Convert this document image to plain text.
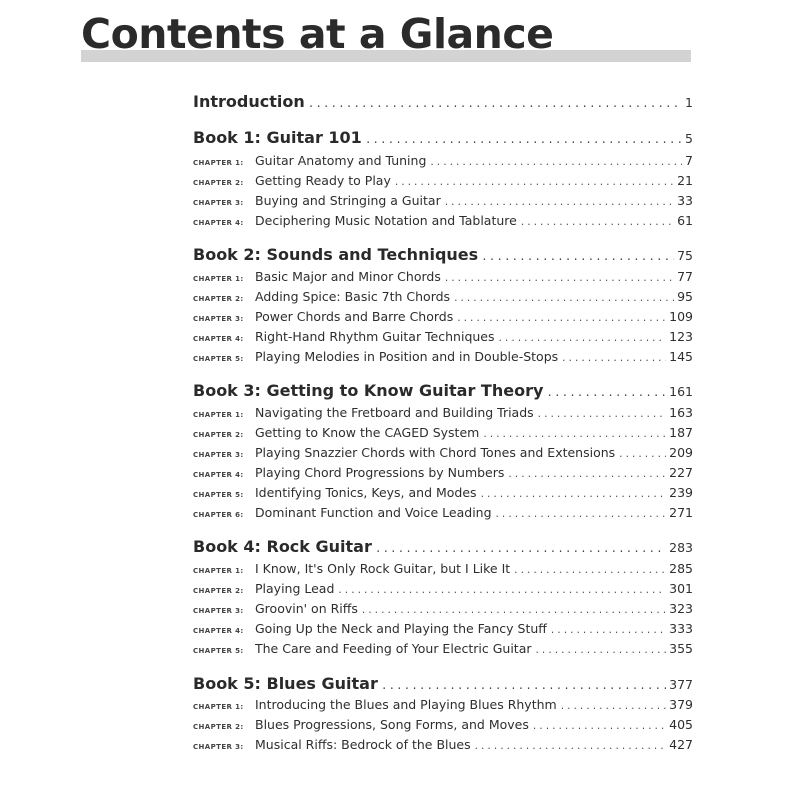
Contents at a Glance
Introduction .....	1
Book 1: Guitar 101 .....	5
CHAPTER 1: Guitar Anatomy and Tuning .....	7
CHAPTER 2: Getting Ready to Play .....	21
CHAPTER 3: Buying and Stringing a Guitar .....	33
CHAPTER 4: Deciphering Music Notation and Tablature .....	61
Book 2: Sounds and Techniques .....	75
CHAPTER 1: Basic Major and Minor Chords .....	77
CHAPTER 2: Adding Spice: Basic 7th Chords .....	95
CHAPTER 3: Power Chords and Barre Chords .....	109
CHAPTER 4: Right-Hand Rhythm Guitar Techniques .....	123
CHAPTER 5: Playing Melodies in Position and in Double-Stops .....	145
Book 3: Getting to Know Guitar Theory .....	161
CHAPTER 1: Navigating the Fretboard and Building Triads .....	163
CHAPTER 2: Getting to Know the CAGED System .....	187
CHAPTER 3: Playing Snazzier Chords with Chord Tones and Extensions .....	209
CHAPTER 4: Playing Chord Progressions by Numbers .....	227
CHAPTER 5: Identifying Tonics, Keys, and Modes .....	239
CHAPTER 6: Dominant Function and Voice Leading .....	271
Book 4: Rock Guitar .....	283
CHAPTER 1: I Know, It's Only Rock Guitar, but I Like It .....	285
CHAPTER 2: Playing Lead .....	301
CHAPTER 3: Groovin' on Riffs .....	323
CHAPTER 4: Going Up the Neck and Playing the Fancy Stuff .....	333
CHAPTER 5: The Care and Feeding of Your Electric Guitar .....	355
Book 5: Blues Guitar .....	377
CHAPTER 1: Introducing the Blues and Playing Blues Rhythm .....	379
CHAPTER 2: Blues Progressions, Song Forms, and Moves .....	405
CHAPTER 3: Musical Riffs: Bedrock of the Blues .....	427
